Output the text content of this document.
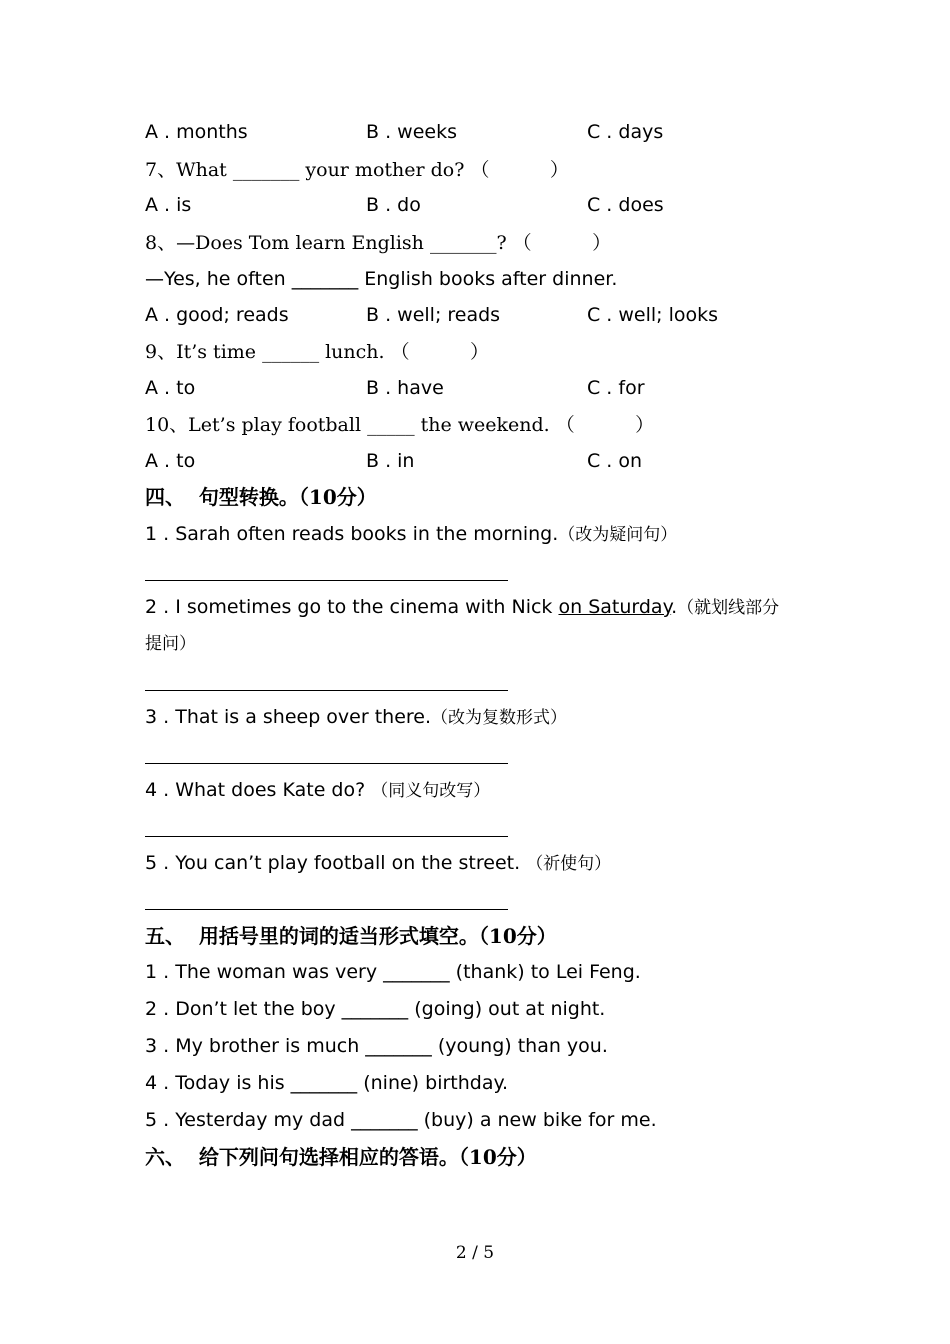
A . months	B . weeks	C . days
7、What _______ your mother do? （          ）
A . is	B . do	C . does
8、—Does Tom learn English _______? （          ）
—Yes, he often _______ English books after dinner.
A . good; reads	B . well; reads	C . well; looks
9、It’s time ______ lunch. （          ）
A . to	B . have	C . for
10、Let’s play football _____ the weekend. （          ）
A . to	B . in	C . on
四、  句型转换。（10分）
1 . Sarah often reads books in the morning.（改为疑问句）
2 . I sometimes go to the cinema with Nick on Saturday.（就划线部分
提问）
3 . That is a sheep over there.（改为复数形式）
4 . What does Kate do? （同义句改写）
5 . You can’t play football on the street. （祈使句）
五、  用括号里的词的适当形式填空。（10分）
1 . The woman was very _______ (thank) to Lei Feng.
2 . Don’t let the boy _______ (going) out at night.
3 . My brother is much _______ (young) than you.
4 . Today is his _______ (nine) birthday.
5 . Yesterday my dad _______ (buy) a new bike for me.
六、  给下列问句选择相应的答语。（10分）
2 / 5
